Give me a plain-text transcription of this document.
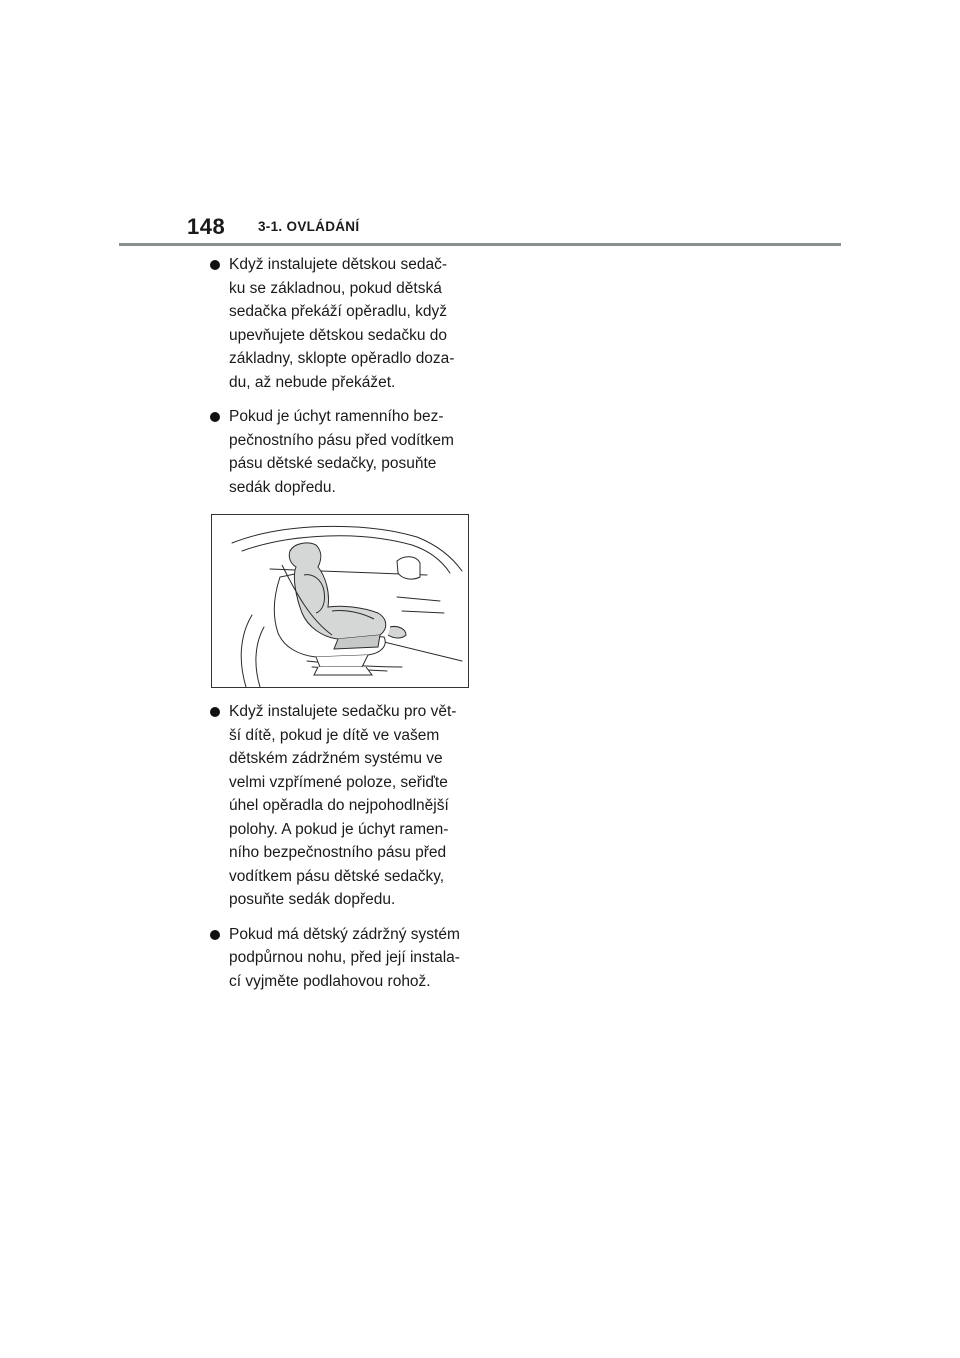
148 3-1. OVLÁDÁNÍ
Když instalujete dětskou sedač-
ku se základnou, pokud dětská
sedačka překáží opěradlu, když
upevňujete dětskou sedačku do
základny, sklopte opěradlo doza-
du, až nebude překážet.
Pokud je úchyt ramenního bez-
pečnostního pásu před vodítkem
pásu dětské sedačky, posuňte
sedák dopředu.
Když instalujete sedačku pro vět-
ší dítě, pokud je dítě ve vašem
dětském zádržném systému ve
velmi vzpřímené poloze, seřiďte
úhel opěradla do nejpohodlnější
polohy. A pokud je úchyt ramen-
ního bezpečnostního pásu před
vodítkem pásu dětské sedačky,
posuňte sedák dopředu.
Pokud má dětský zádržný systém
podpůrnou nohu, před její instala-
cí vyjměte podlahovou rohož.
